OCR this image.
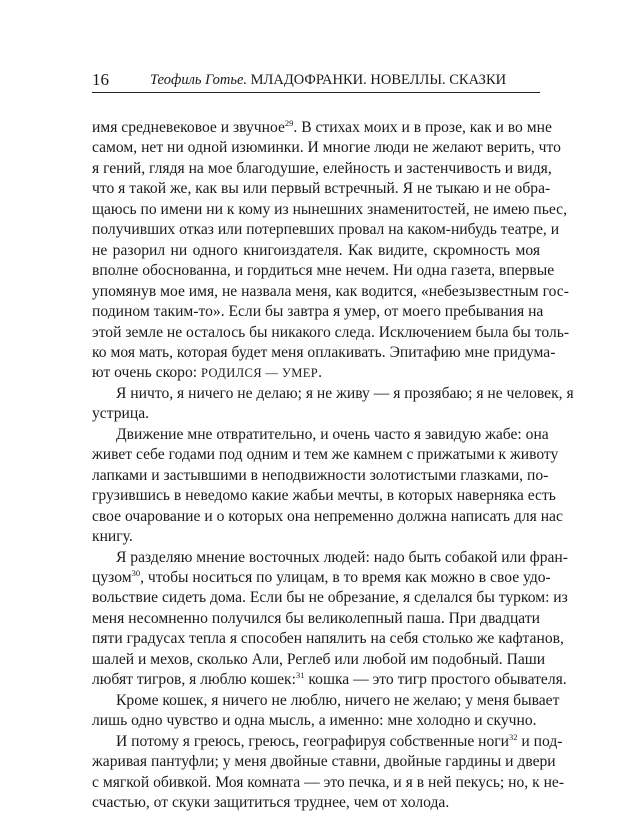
16	Теофиль Готье. МЛАДОФРАНКИ. НОВЕЛЛЫ. СКАЗКИ
имя средневековое и звучное$^{29}$. В стихах моих и в прозе, как и во мне
самом, нет ни одной изюминки. И многие люди не желают верить, что
я гений, глядя на мое благодушие, елейность и застенчивость и видя,
что я такой же, как вы или первый встречный. Я не тыкаю и не обра-
щаюсь по имени ни к кому из нынешних знаменитостей, не имею пьес,
получивших отказ или потерпевших провал на каком-нибудь театре, и
не разорил ни одного книгоиздателя. Как видите, скромность моя
вполне обоснованна, и гордиться мне нечем. Ни одна газета, впервые
упомянув мое имя, не назвала меня, как водится, «небезызвестным гос-
подином таким-то». Если бы завтра я умер, от моего пребывания на
этой земле не осталось бы никакого следа. Исключением была бы толь-
ко моя мать, которая будет меня оплакивать. Эпитафию мне придума-
ют очень скоро: РОДИЛСЯ — УМЕР.
Я ничто, я ничего не делаю; я не живу — я прозябаю; я не человек, я
устрица.
Движение мне отвратительно, и очень часто я завидую жабе: она
живет себе годами под одним и тем же камнем с прижатыми к животу
лапками и застывшими в неподвижности золотистыми глазками, по-
грузившись в неведомо какие жабьи мечты, в которых наверняка есть
свое очарование и о которых она непременно должна написать для нас
книгу.
Я разделяю мнение восточных людей: надо быть собакой или фран-
цузом$^{30}$, чтобы носиться по улицам, в то время как можно в свое удо-
вольствие сидеть дома. Если бы не обрезание, я сделался бы турком: из
меня несомненно получился бы великолепный паша. При двадцати
пяти градусах тепла я способен напялить на себя столько же кафтанов,
шалей и мехов, сколько Али, Реглеб или любой им подобный. Паши
любят тигров, я люблю кошек:$^{31}$ кошка — это тигр простого обывателя.
Кроме кошек, я ничего не люблю, ничего не желаю; у меня бывает
лишь одно чувство и одна мысль, а именно: мне холодно и скучно.
И потому я греюсь, греюсь, географируя собственные ноги$^{32}$ и под-
жаривая пантуфли; у меня двойные ставни, двойные гардины и двери
с мягкой обивкой. Моя комната — это печка, и я в ней пекусь; но, к не-
счастью, от скуки защититься труднее, чем от холода.
